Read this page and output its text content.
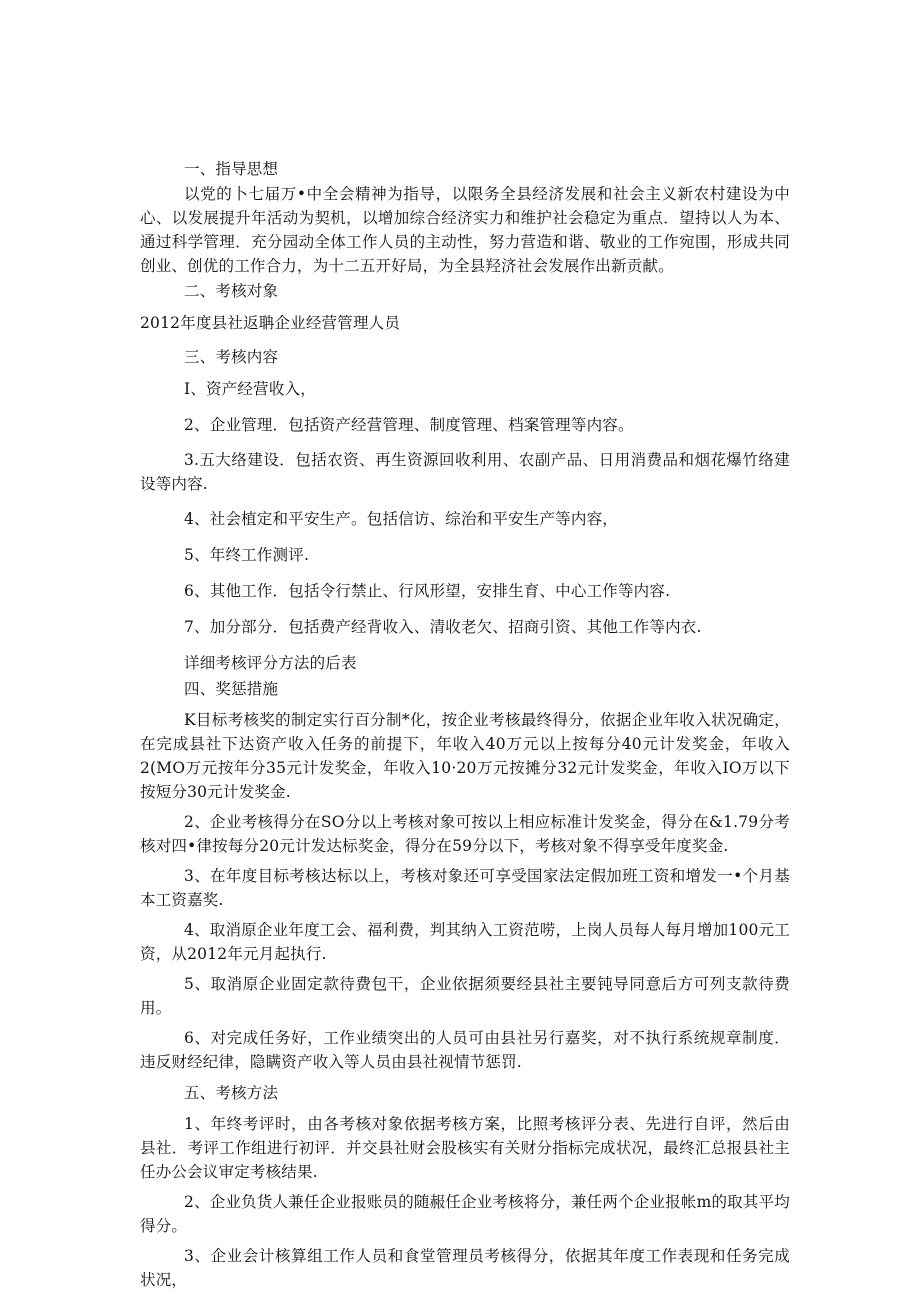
一、指导思想

以党的卜七届万•中全会精神为指导，以限务全县经济发展和社会主义新农村建设为中心、以发展提升年活动为契机，以增加综合经济实力和维护社会稳定为重点．望持以人为本、通过科学管理．充分园动全体工作人员的主动性，努力营造和谐、敬业的工作宛围，形成共同创业、创优的工作合力，为十二五开好局，为全县羟济社会发展作出新贡献。

二、考核对象

2012年度县社返聃企业经营管理人员

三、考核内容

I、资产经营收入，

2、企业管理．包括资产经营管理、制度管理、档案管理等内容。

3.五大络建设．包括农资、再生资源回收利用、农副产品、日用消费品和烟花爆竹络建设等内容.

4、社会植定和平安生产。包括信访、综治和平安生产等内容，

5、年终工作测评.

6、其他工作．包括令行禁止、行风形望，安排生育、中心工作等内容.

7、加分部分．包括费产经背收入、清收老欠、招商引资、其他工作等内衣.

详细考核评分方法的后表

四、奖惩措施

K目标考核奖的制定实行百分制*化，按企业考核最终得分，依据企业年收入状况确定，在完成县社下达资产收入任务的前提下，年收入40万元以上按每分40元计发奖金，年收入2(MO万元按年分35元计发奖金，年收入10·20万元按摊分32元计发奖金，年收入IO万以下按短分30元计发奖金.

2、企业考核得分在SO分以上考核对象可按以上相应标准计发奖金，得分在&1.79分考核对四•律按每分20元计发达标奖金，得分在59分以下，考核对象不得享受年度奖金.

3、在年度目标考核达标以上，考核对象还可享受国家法定假加班工资和增发一•个月基本工资嘉奖.

4、取消原企业年度工会、福利费，判其纳入工资范唠，上岗人员每人每月增加100元工资，从2012年元月起执行.

5、取消原企业固定款待费包干，企业依据须要经县社主要钝导同意后方可列支款待费用。

6、对完成任务好，工作业绩突出的人员可由县社另行嘉奖，对不执行系统规章制度．违反财经纪律，隐瞒资产收入等人员由县社视情节惩罚.

五、考核方法

1、年终考评时，由各考核对象依据考核方案，比照考核评分表、先进行自评，然后由县社．考评工作组进行初评．并交县社财会股核实有关财分指标完成状况，最终汇总报县社主任办公会议审定考核结果.

2、企业负货人兼任企业报账员的随赧任企业考核将分，兼任两个企业报帐m的取其平均得分。

3、企业会计核算组工作人员和食堂管理员考核得分，依据其年度工作表现和任务完成状况，
